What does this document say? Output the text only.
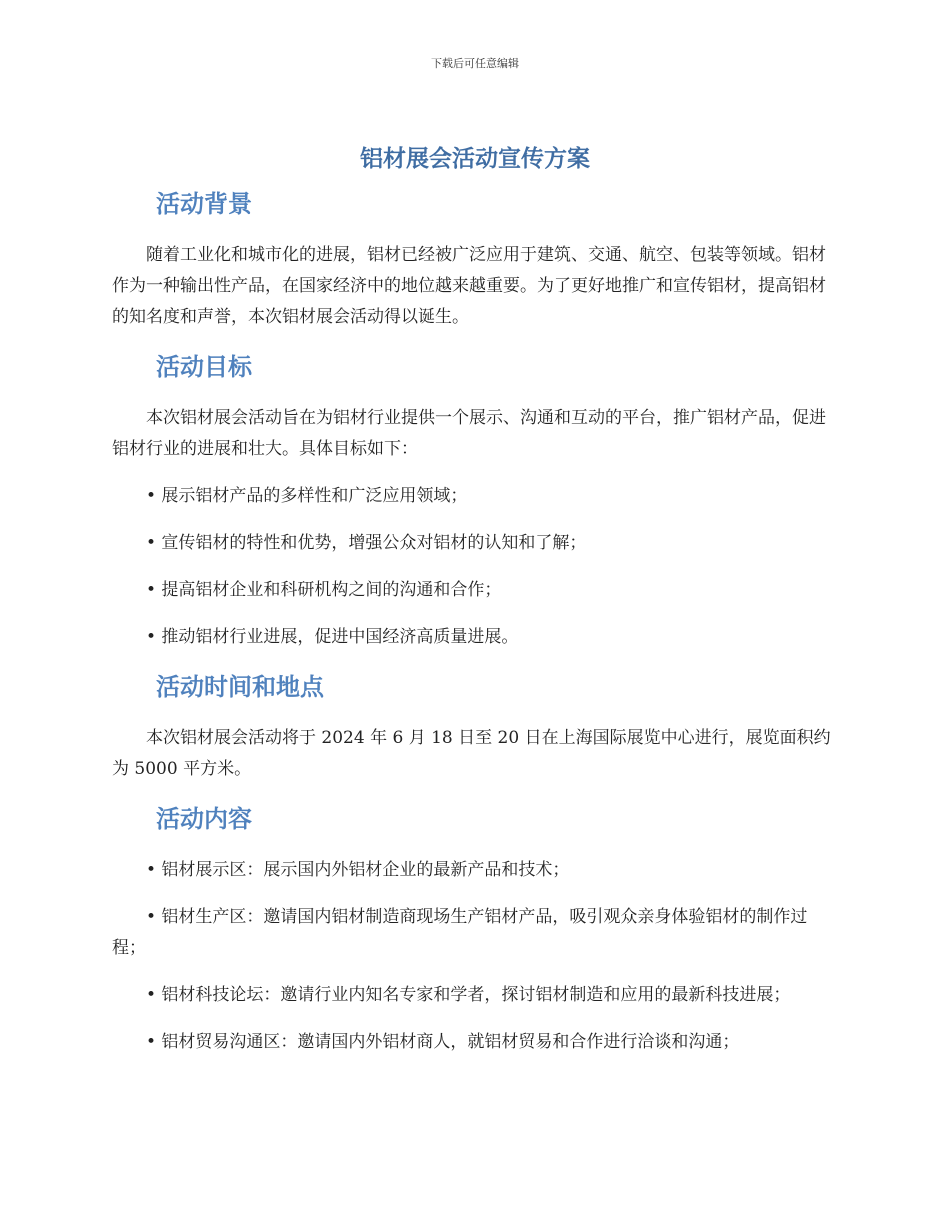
下载后可任意编辑
铝材展会活动宣传方案
活动背景

随着工业化和城市化的进展，铝材已经被广泛应用于建筑、交通、航空、包装等领域。铝材作为一种输出性产品，在国家经济中的地位越来越重要。为了更好地推广和宣传铝材，提高铝材的知名度和声誉，本次铝材展会活动得以诞生。

活动目标

本次铝材展会活动旨在为铝材行业提供一个展示、沟通和互动的平台，推广铝材产品，促进铝材行业的进展和壮大。具体目标如下：

• 展示铝材产品的多样性和广泛应用领域；

• 宣传铝材的特性和优势，增强公众对铝材的认知和了解；

• 提高铝材企业和科研机构之间的沟通和合作；

• 推动铝材行业进展，促进中国经济高质量进展。

活动时间和地点

本次铝材展会活动将于 2024 年 6 月 18 日至 20 日在上海国际展览中心进行，展览面积约为 5000 平方米。

活动内容

• 铝材展示区：展示国内外铝材企业的最新产品和技术；

• 铝材生产区：邀请国内铝材制造商现场生产铝材产品，吸引观众亲身体验铝材的制作过程；

• 铝材科技论坛：邀请行业内知名专家和学者，探讨铝材制造和应用的最新科技进展；

• 铝材贸易沟通区：邀请国内外铝材商人，就铝材贸易和合作进行洽谈和沟通；
